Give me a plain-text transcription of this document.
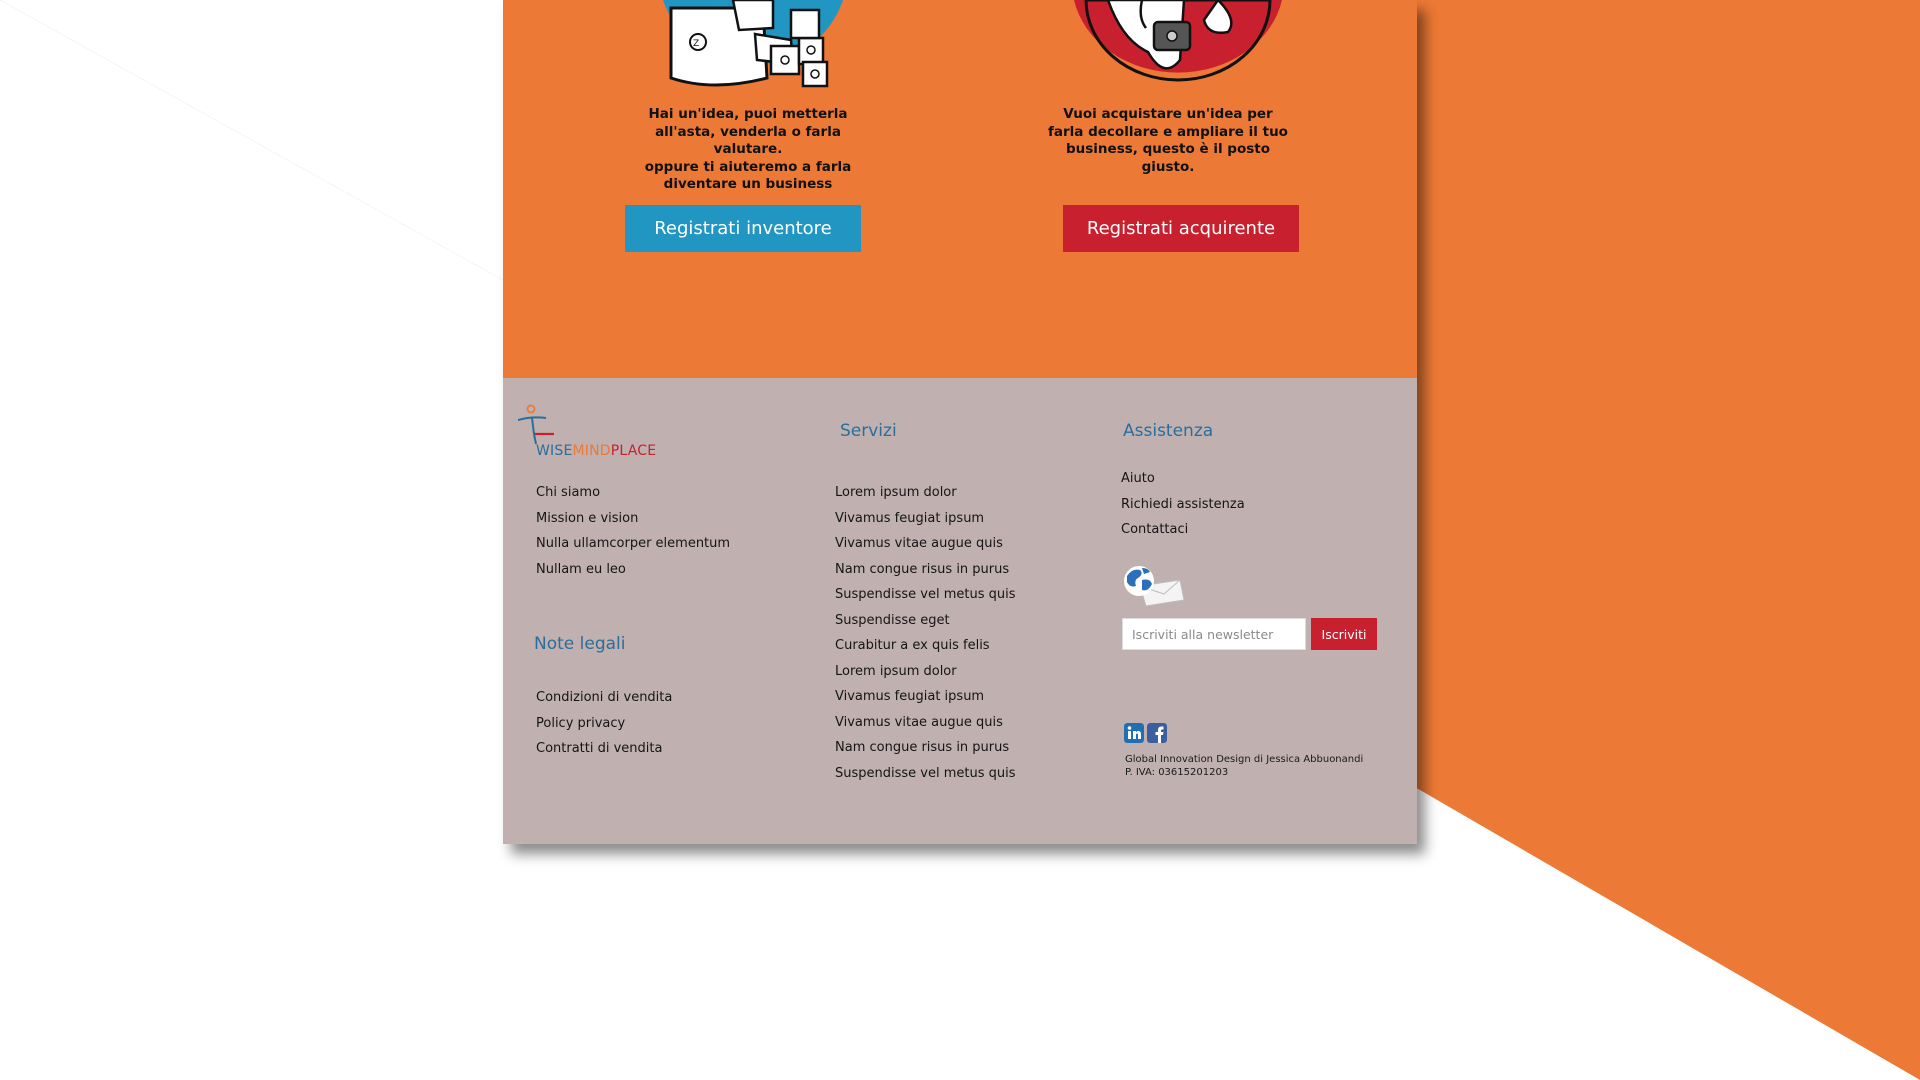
Z
Hai un'idea, puoi metterla
all'asta, venderla o farla
valutare.
oppure ti aiuteremo a farla
diventare un business
Registrati inventore
Vuoi acquistare un'idea per
farla decollare e ampliare il tuo
business, questo è il posto
giusto.
Registrati acquirente
WISEMINDPLACE
Chi siamo
Mission e vision
Nulla ullamcorper elementum
Nullam eu leo
Note legali
Condizioni di vendita
Policy privacy
Contratti di vendita
Servizi
Lorem ipsum dolor
Vivamus feugiat ipsum
Vivamus vitae augue quis
Nam congue risus in purus
Suspendisse vel metus quis
Suspendisse eget
Curabitur a ex quis felis
Lorem ipsum dolor
Vivamus feugiat ipsum
Vivamus vitae augue quis
Nam congue risus in purus
Suspendisse vel metus quis
Assistenza
Aiuto
Richiedi assistenza
Contattaci
Iscriviti alla newsletter
Iscriviti
Global Innovation Design di Jessica Abbuonandi
P. IVA: 03615201203
